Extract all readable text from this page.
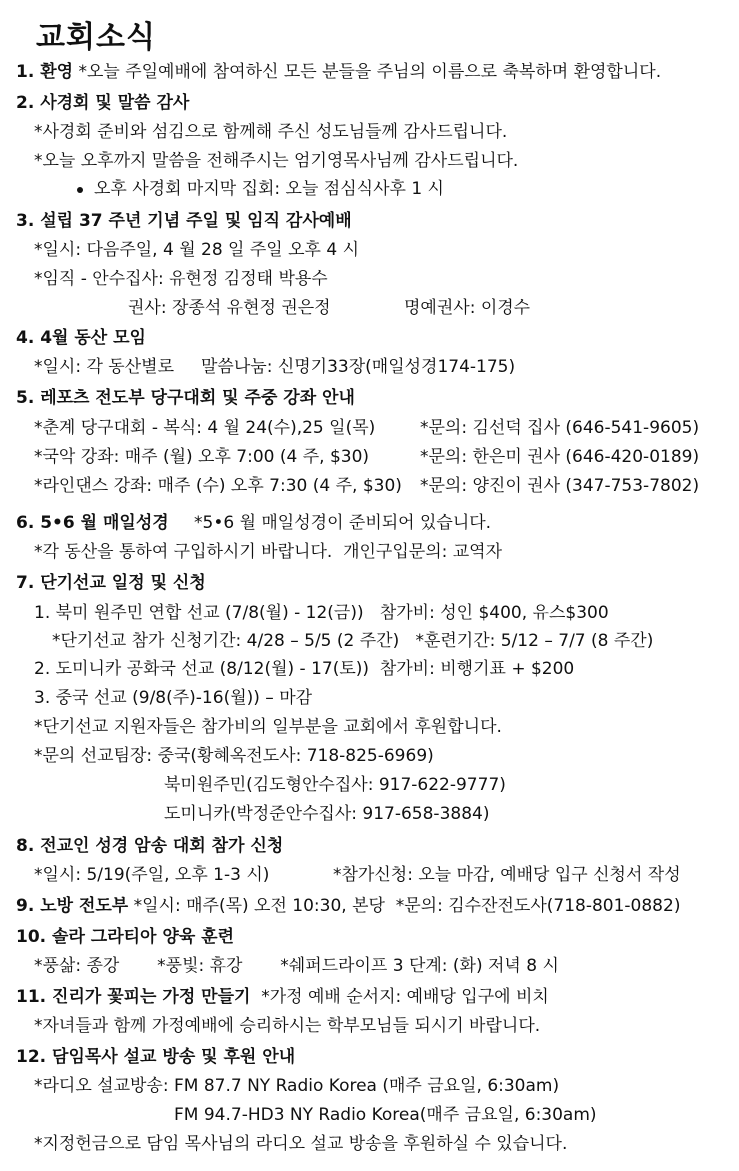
교회소식
1. 환영 *오늘 주일예배에 참여하신 모든 분들을 주님의 이름으로 축복하며 환영합니다.
2. 사경회 및 말씀 감사
*사경회 준비와 섬김으로 함께해 주신 성도님들께 감사드립니다.
*오늘 오후까지 말씀을 전해주시는 엄기영목사님께 감사드립니다.
오후 사경회 마지막 집회: 오늘 점심식사후 1 시
3. 설립 37 주년 기념 주일 및 임직 감사예배
*일시: 다음주일, 4 월 28 일 주일 오후 4 시
*임직 - 안수집사: 유현정 김정태 박용수
권사: 장종석 유현정 권은정	명예권사: 이경수
4. 4월 동산 모임
*일시: 각 동산별로     말씀나눔: 신명기33장(매일성경174-175)
5. 레포츠 전도부 당구대회 및 주중 강좌 안내
*춘계 당구대회 - 복식: 4 월 24(수),25 일(목)	*문의: 김선덕 집사 (646-541-9605)
*국악 강좌: 매주 (월) 오후 7:00 (4 주, $30)	*문의: 한은미 권사 (646-420-0189)
*라인댄스 강좌: 매주 (수) 오후 7:30 (4 주, $30) *문의: 양진이 권사 (347-753-7802)
6. 5•6 월 매일성경 *5•6 월 매일성경이 준비되어 있습니다.
*각 동산을 통하여 구입하시기 바랍니다.  개인구입문의: 교역자
7. 단기선교 일정 및 신청
1. 북미 원주민 연합 선교 (7/8(월) - 12(금))   참가비: 성인 $400, 유스$300
*단기선교 참가 신청기간: 4/28 – 5/5 (2 주간)   *훈련기간: 5/12 – 7/7 (8 주간)
2. 도미니카 공화국 선교 (8/12(월) - 17(토))  참가비: 비행기표 + $200
3. 중국 선교 (9/8(주)-16(월)) – 마감
*단기선교 지원자들은 참가비의 일부분을 교회에서 후원합니다.
*문의 선교팀장: 중국(황혜옥전도사: 718-825-6969)
북미원주민(김도형안수집사: 917-622-9777)
도미니카(박정준안수집사: 917-658-3884)
8. 전교인 성경 암송 대회 참가 신청
*일시: 5/19(주일, 오후 1-3 시)	*참가신청: 오늘 마감, 예배당 입구 신청서 작성
9. 노방 전도부 *일시: 매주(목) 오전 10:30, 본당  *문의: 김수잔전도사(718-801-0882)
10. 솔라 그라티아 양육 훈련
*풍삶: 종강       *풍빛: 휴강       *쉐퍼드라이프 3 단계: (화) 저녁 8 시
11. 진리가 꽃피는 가정 만들기  *가정 예배 순서지: 예배당 입구에 비치
*자녀들과 함께 가정예배에 승리하시는 학부모님들 되시기 바랍니다.
12. 담임목사 설교 방송 및 후원 안내
*라디오 설교방송: FM 87.7 NY Radio Korea (매주 금요일, 6:30am)
FM 94.7-HD3 NY Radio Korea(매주 금요일, 6:30am)
*지정헌금으로 담임 목사님의 라디오 설교 방송을 후원하실 수 있습니다.
